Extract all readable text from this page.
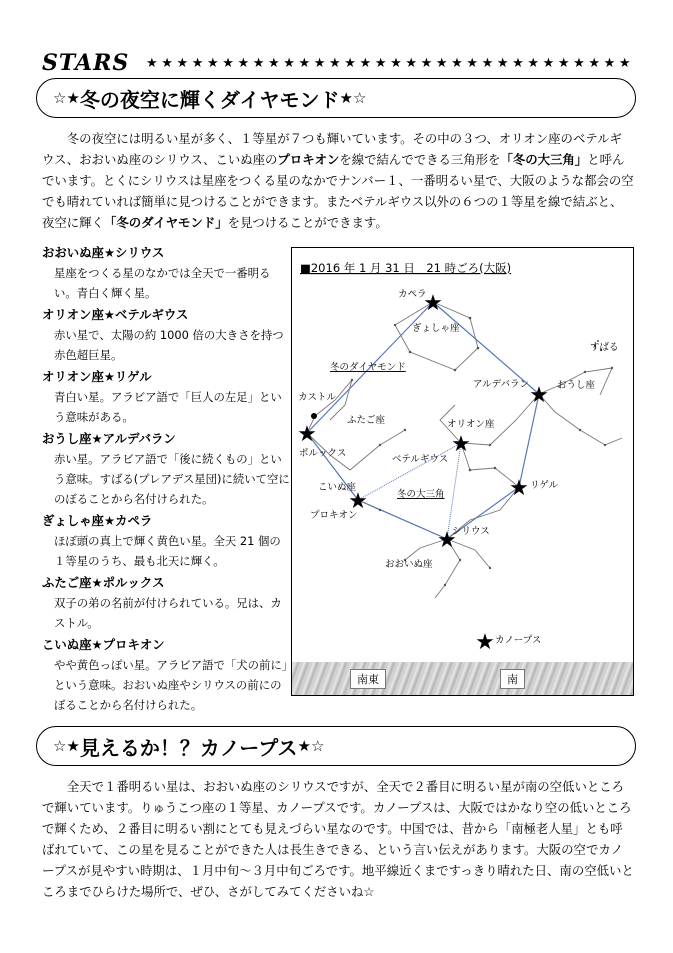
STARS ★★★★★★★★★★★★★★★★★★★★★★★★★★★★★★★★
☆★ 冬の夜空に輝くダイヤモンド ★☆

冬の夜空には明るい星が多く、１等星が７つも輝いています。その中の３つ、オリオン座のベテルギウス、おおいぬ座のシリウス、こいぬ座のプロキオンを線で結んでできる三角形を「冬の大三角」と呼んでいます。とくにシリウスは星座をつくる星のなかでナンバー１、一番明るい星で、大阪のような都会の空でも晴れていれば簡単に見つけることができます。またベテルギウス以外の６つの１等星を線で結ぶと、夜空に輝く「冬のダイヤモンド」を見つけることができます。

おおいぬ座★シリウス
星座をつくる星のなかでは全天で一番明るい。青白く輝く星。
オリオン座★ベテルギウス
赤い星で、太陽の約 1000 倍の大きさを持つ赤色超巨星。
オリオン座★リゲル
青白い星。アラビア語で「巨人の左足」という意味がある。
おうし座★アルデバラン
赤い星。アラビア語で「後に続くもの」という意味。すばる(プレアデス星団)に続いて空にのぼることから名付けられた。
ぎょしゃ座★カペラ
ほぼ頭の真上で輝く黄色い星。全天 21 個の１等星のうち、最も北天に輝く。
ふたご座★ポルックス
双子の弟の名前が付けられている。兄は、カストル。
こいぬ座★プロキオン
やや黄色っぽい星。アラビア語で「犬の前に」という意味。おおいぬ座やシリウスの前にのぼることから名付けられた。
南東	南
■2016 年 1 月 31 日　21 時ごろ(大阪)
★
★
★	★
★
★
★
★
カペラ
ぎょしゃ座
すばる
冬のダイヤモンド
カストル
アルデバラン	おうし座
ふたご座	オリオン座
ポルックス
ベテルギウス
こいぬ座	リゲル
冬の大三角
プロキオン
シリウス
おおいぬ座
カノープス
☆★ 見えるか！？カノープス ★☆

全天で１番明るい星は、おおいぬ座のシリウスですが、全天で２番目に明るい星が南の空低いところで輝いています。りゅうこつ座の１等星、カノープスです。カノープスは、大阪ではかなり空の低いところで輝くため、２番目に明るい割にとても見えづらい星なのです。中国では、昔から「南極老人星」とも呼ばれていて、この星を見ることができた人は長生きできる、という言い伝えがあります。大阪の空でカノープスが見やすい時期は、１月中旬～３月中旬ごろです。地平線近くまですっきり晴れた日、南の空低いところまでひらけた場所で、ぜひ、さがしてみてくださいね☆
